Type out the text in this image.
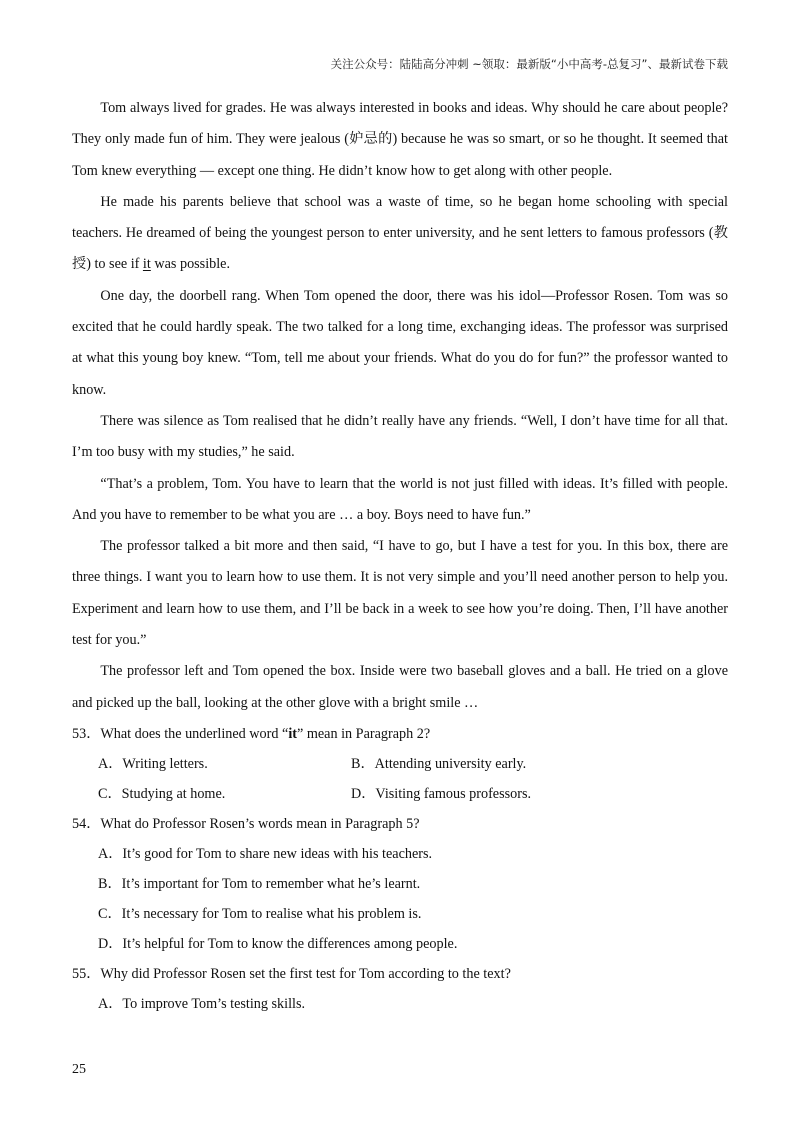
关注公众号：陆陆高分冲刺 ~领取：最新版“小中高考-总复习”、最新试卷下载

Tom always lived for grades. He was always interested in books and ideas. Why should he care about people? They only made fun of him. They were jealous (妒忌的) because he was so smart, or so he thought. It seemed that Tom knew everything — except one thing. He didn’t know how to get along with other people.

He made his parents believe that school was a waste of time, so he began home schooling with special teachers. He dreamed of being the youngest person to enter university, and he sent letters to famous professors (教授) to see if it was possible.

One day, the doorbell rang. When Tom opened the door, there was his idol—Professor Rosen. Tom was so excited that he could hardly speak. The two talked for a long time, exchanging ideas. The professor was surprised at what this young boy knew. “Tom, tell me about your friends. What do you do for fun?” the professor wanted to know.

There was silence as Tom realised that he didn’t really have any friends. “Well, I don’t have time for all that. I’m too busy with my studies,” he said.

“That’s a problem, Tom. You have to learn that the world is not just filled with ideas. It’s filled with people. And you have to remember to be what you are … a boy. Boys need to have fun.”

The professor talked a bit more and then said, “I have to go, but I have a test for you. In this box, there are three things. I want you to learn how to use them. It is not very simple and you’ll need another person to help you. Experiment and learn how to use them, and I’ll be back in a week to see how you’re doing. Then, I’ll have another test for you.”

The professor left and Tom opened the box. Inside were two baseball gloves and a ball. He tried on a glove and picked up the ball, looking at the other glove with a bright smile …

53．What does the underlined word “it” mean in Paragraph 2?

A．Writing letters.	B．Attending university early.
C．Studying at home.	D．Visiting famous professors.

54．What do Professor Rosen’s words mean in Paragraph 5?

A．It’s good for Tom to share new ideas with his teachers.

B．It’s important for Tom to remember what he’s learnt.

C．It’s necessary for Tom to realise what his problem is.

D．It’s helpful for Tom to know the differences among people.

55．Why did Professor Rosen set the first test for Tom according to the text?

A．To improve Tom’s testing skills.

25
